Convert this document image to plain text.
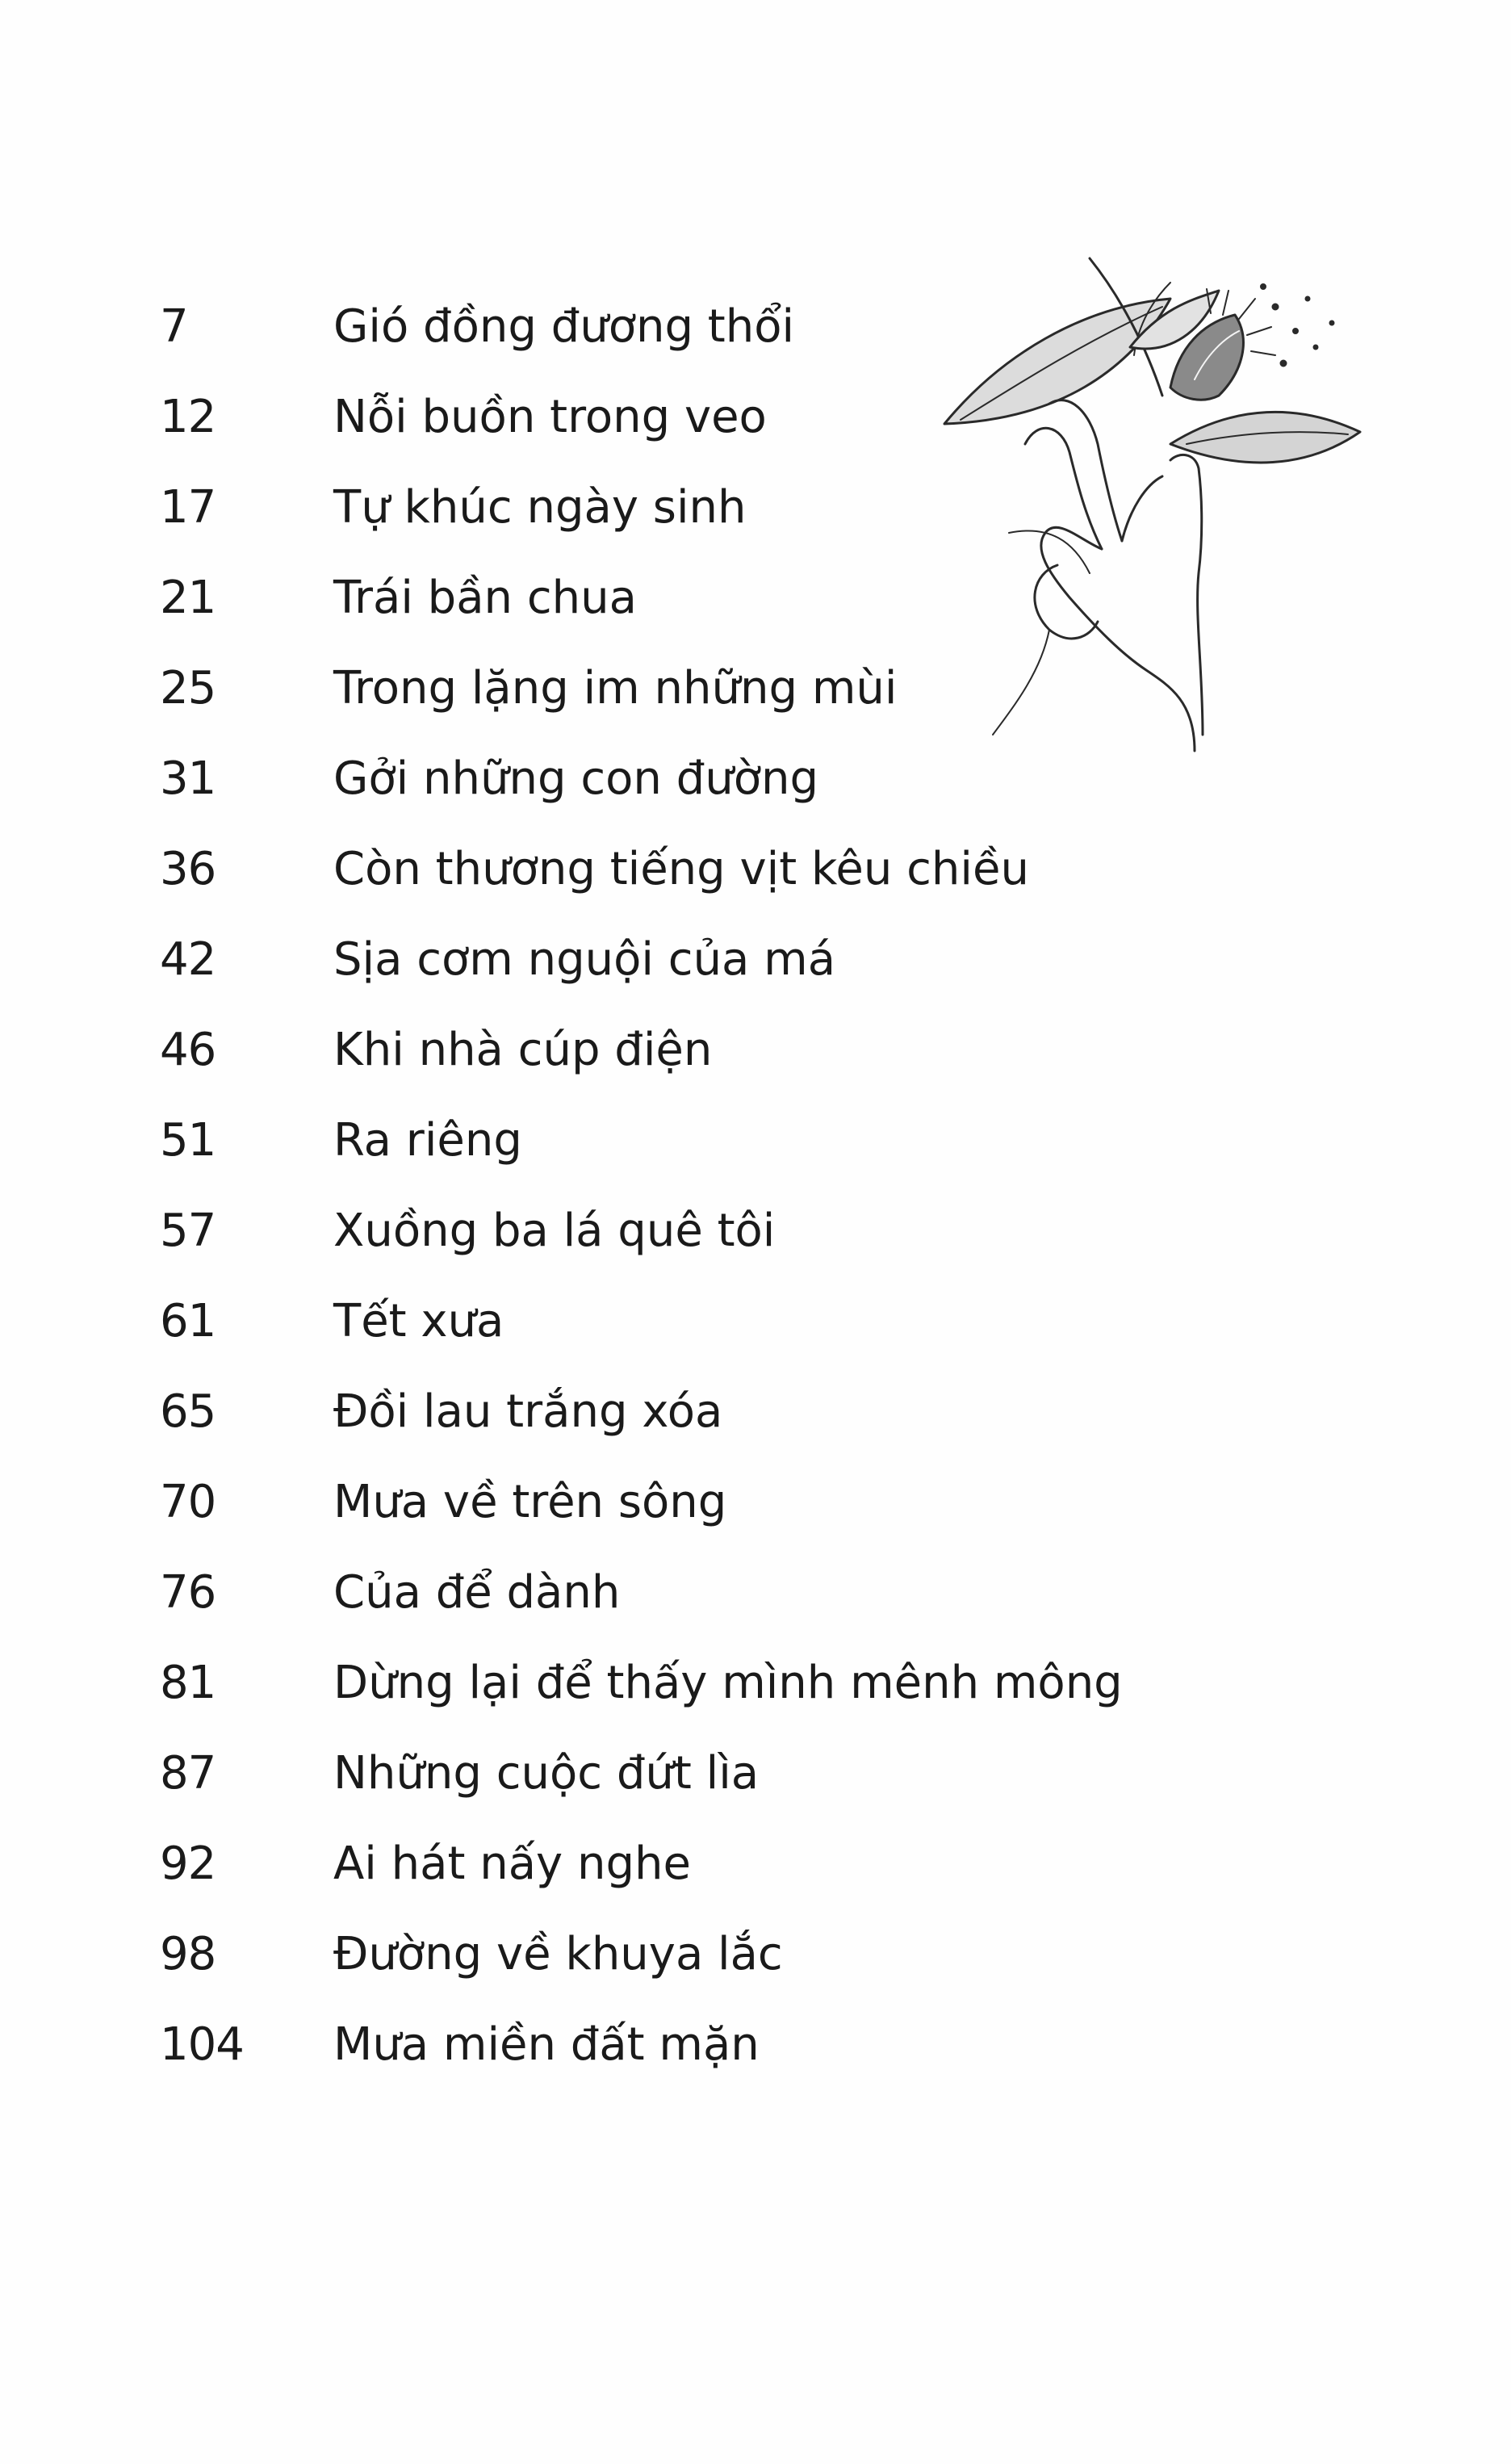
7	Gió đồng đương thổi
12	Nỗi buồn trong veo
17	Tự khúc ngày sinh
21	Trái bần chua
25	Trong lặng im những mùi
31	Gởi những con đường
36	Còn thương tiếng vịt kêu chiều
42	Sịa cơm nguội của má
46	Khi nhà cúp điện
51	Ra riêng
57	Xuồng ba lá quê tôi
61	Tết xưa
65	Đồi lau trắng xóa
70	Mưa về trên sông
76	Của để dành
81	Dừng lại để thấy mình mênh mông
87	Những cuộc đứt lìa
92	Ai hát nấy nghe
98	Đường về khuya lắc
104 Mưa miền đất mặn
